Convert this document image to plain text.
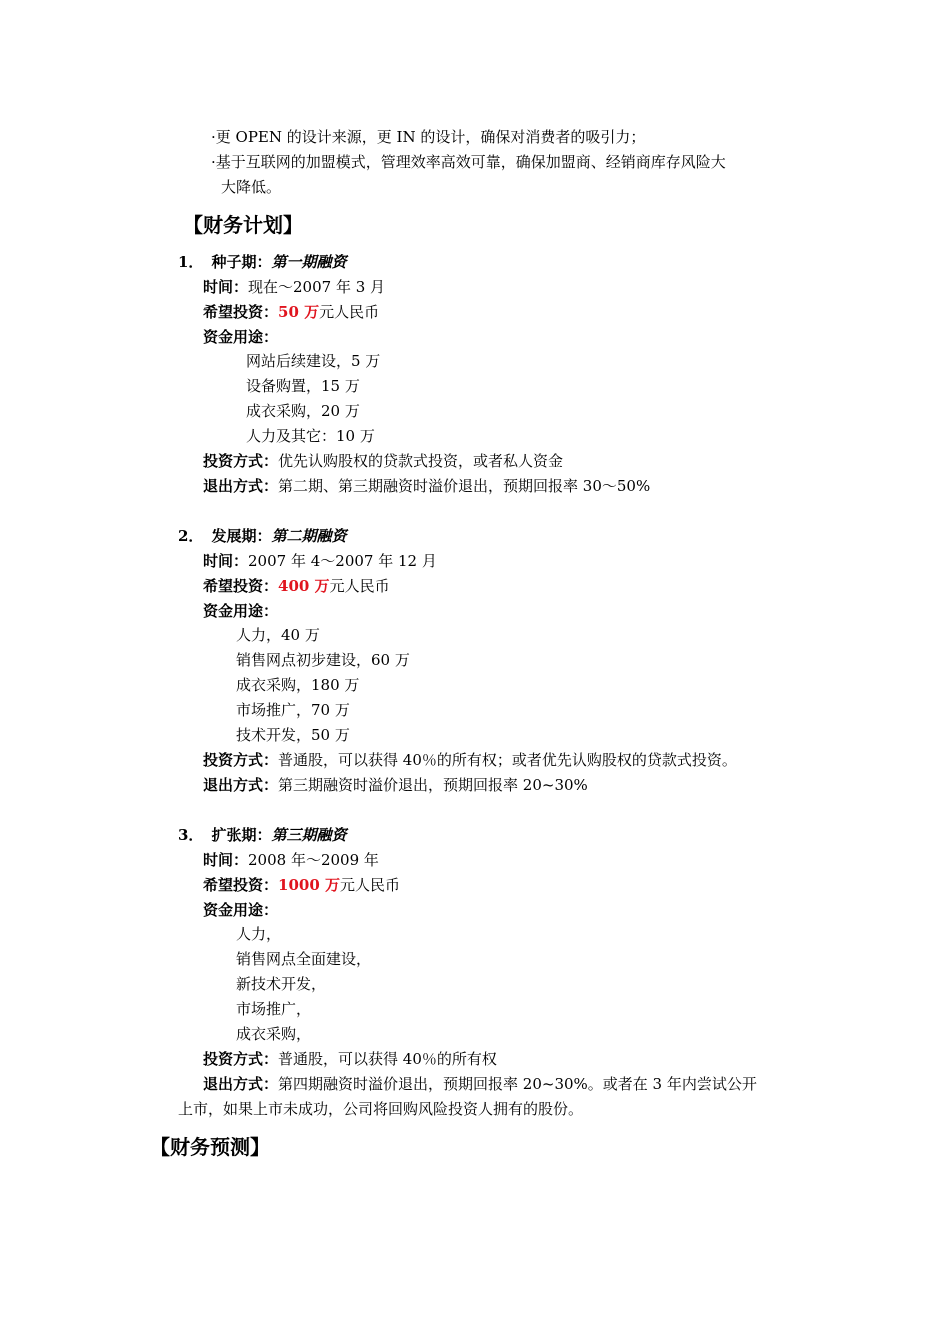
·更 OPEN 的设计来源，更 IN 的设计，确保对消费者的吸引力；
·基于互联网的加盟模式，管理效率高效可靠，确保加盟商、经销商库存风险大
大降低。
【财务计划】
1． 种子期：第一期融资
时间：现在～2007 年 3 月
希望投资：50 万元人民币
资金用途：
网站后续建设，5 万
设备购置，15 万
成衣采购，20 万
人力及其它：10 万
投资方式：优先认购股权的贷款式投资，或者私人资金
退出方式：第二期、第三期融资时溢价退出，预期回报率 30～50%
2． 发展期：第二期融资
时间：2007 年 4～2007 年 12 月
希望投资：400 万元人民币
资金用途：
人力，40 万
销售网点初步建设，60 万
成衣采购，180 万
市场推广，70 万
技术开发，50 万
投资方式：普通股，可以获得 40％的所有权；或者优先认购股权的贷款式投资。
退出方式：第三期融资时溢价退出，预期回报率 20~30%
3． 扩张期：第三期融资
时间：2008 年～2009 年
希望投资：1000 万元人民币
资金用途：
人力，
销售网点全面建设，
新技术开发，
市场推广，
成衣采购，
投资方式：普通股，可以获得 40％的所有权
退出方式：第四期融资时溢价退出，预期回报率 20~30%。或者在 3 年内尝试公开
上市，如果上市未成功，公司将回购风险投资人拥有的股份。
【财务预测】
